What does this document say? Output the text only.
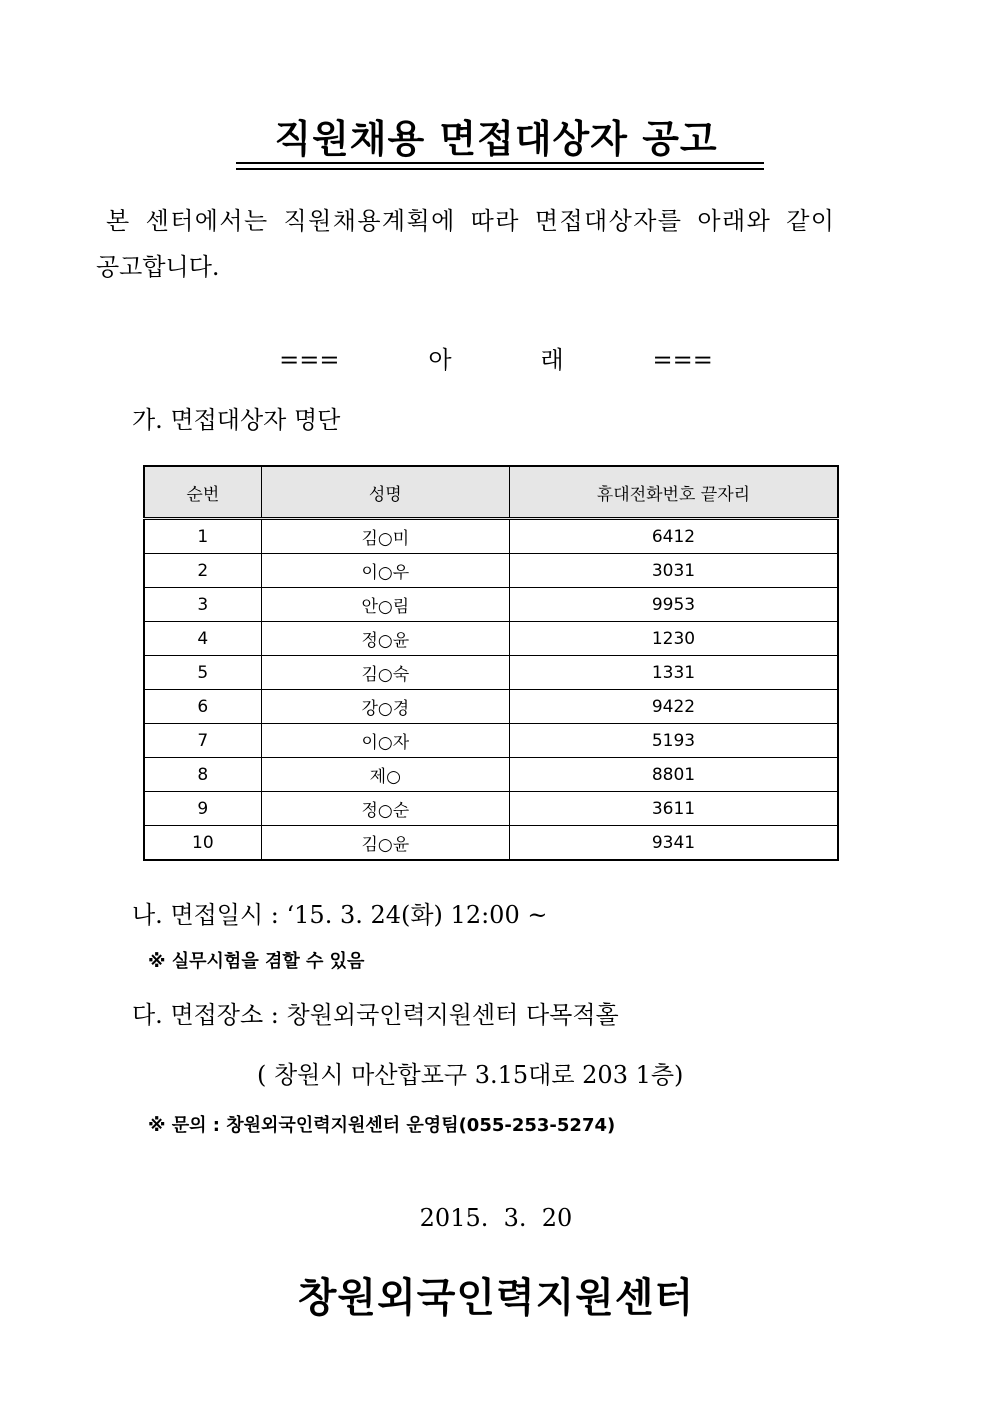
직원채용 면접대상자 공고
본 센터에서는 직원채용계획에 따라 면접대상자를 아래와 같이
공고합니다.
===   아   래   ===
가. 면접대상자 명단
순번	성명	휴대전화번호 끝자리
1	김○미	6412
2	이○우	3031
3	안○림	9953
4	정○윤	1230
5	김○숙	1331
6	강○경	9422
7	이○자	5193
8	제○	8801
9	정○순	3611
10	김○윤	9341
나. 면접일시 : ‘15. 3. 24(화) 12:00 ~
※ 실무시험을 겸할 수 있음
다. 면접장소 : 창원외국인력지원센터 다목적홀
( 창원시 마산합포구 3.15대로 203 1층)
※ 문의 : 창원외국인력지원센터 운영팀(055-253-5274)
2015.  3.  20
창원외국인력지원센터
